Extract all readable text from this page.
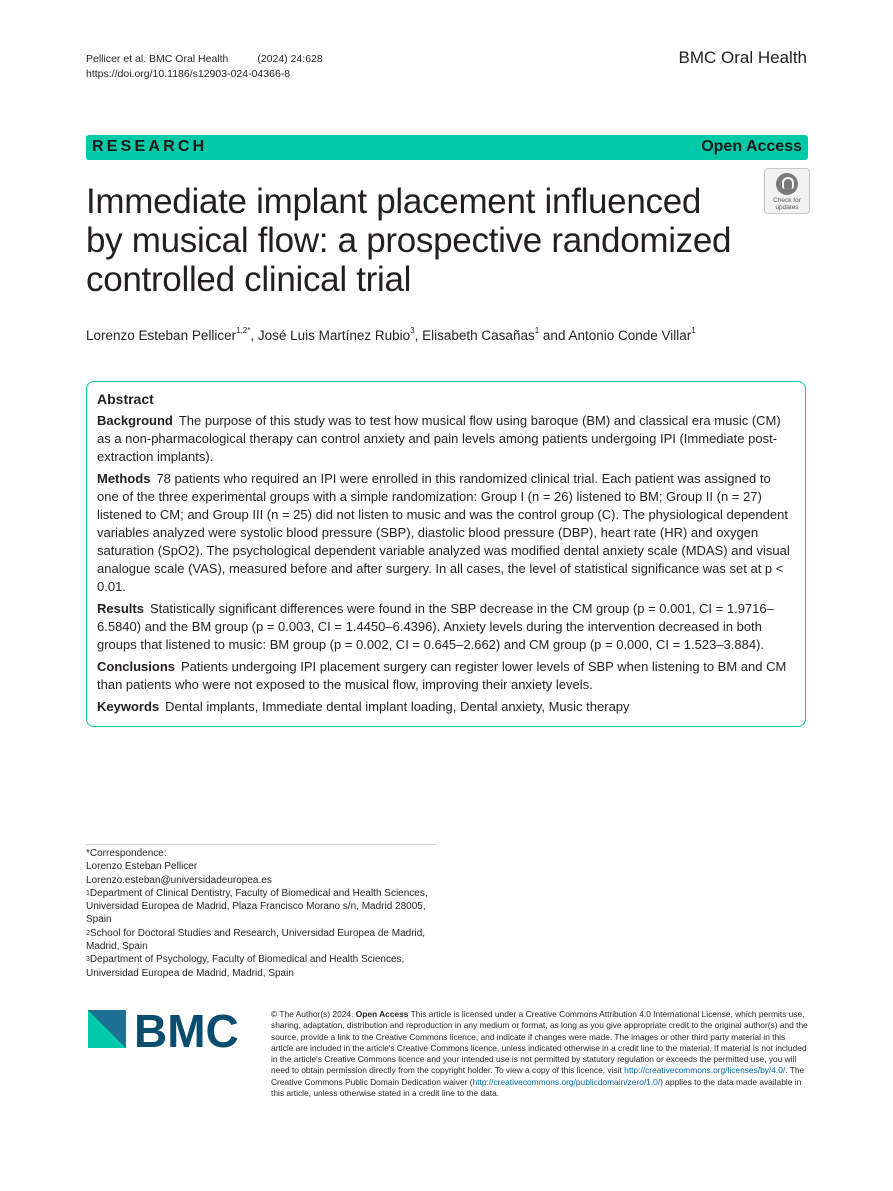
Pellicer et al. BMC Oral Health	(2024) 24:628
https://doi.org/10.1186/s12903-024-04366-8
BMC Oral Health
RESEARCH	Open Access
Check for
updates
Immediate implant placement influenced by musical flow: a prospective randomized controlled clinical trial
Lorenzo Esteban Pellicer$^{1,2*}$, José Luis Martínez Rubio$^3$, Elisabeth Casañas$^1$ and Antonio Conde Villar$^1$
Abstract

Background The purpose of this study was to test how musical flow using baroque (BM) and classical era music (CM) as a non-pharmacological therapy can control anxiety and pain levels among patients undergoing IPI (Immediate post-extraction implants).

Methods 78 patients who required an IPI were enrolled in this randomized clinical trial. Each patient was assigned to one of the three experimental groups with a simple randomization: Group I (n = 26) listened to BM; Group II (n = 27) listened to CM; and Group III (n = 25) did not listen to music and was the control group (C). The physiological dependent variables analyzed were systolic blood pressure (SBP), diastolic blood pressure (DBP), heart rate (HR) and oxygen saturation (SpO2). The psychological dependent variable analyzed was modified dental anxiety scale (MDAS) and visual analogue scale (VAS), measured before and after surgery. In all cases, the level of statistical significance was set at p < 0.01.

Results Statistically significant differences were found in the SBP decrease in the CM group (p = 0.001, CI = 1.9716–6.5840) and the BM group (p = 0.003, CI = 1.4450–6.4396). Anxiety levels during the intervention decreased in both groups that listened to music: BM group (p = 0.002, CI = 0.645–2.662) and CM group (p = 0.000, CI = 1.523–3.884).

Conclusions Patients undergoing IPI placement surgery can register lower levels of SBP when listening to BM and CM than patients who were not exposed to the musical flow, improving their anxiety levels.

Keywords Dental implants, Immediate dental implant loading, Dental anxiety, Music therapy

*Correspondence:
Lorenzo Esteban Pellicer
Lorenzo.esteban@universidadeuropea.es
$^1$Department of Clinical Dentistry, Faculty of Biomedical and Health Sciences, Universidad Europea de Madrid, Plaza Francisco Morano s/n, Madrid 28005, Spain
$^2$School for Doctoral Studies and Research, Universidad Europea de Madrid, Madrid, Spain
$^3$Department of Psychology, Faculty of Biomedical and Health Sciences, Universidad Europea de Madrid, Madrid, Spain
BMC	© The Author(s) 2024. Open Access This article is licensed under a Creative Commons Attribution 4.0 International License, which permits use, sharing, adaptation, distribution and reproduction in any medium or format, as long as you give appropriate credit to the original author(s) and the source, provide a link to the Creative Commons licence, and indicate if changes were made. The images or other third party material in this article are included in the article's Creative Commons licence, unless indicated otherwise in a credit line to the material. If material is not included in the article's Creative Commons licence and your intended use is not permitted by statutory regulation or exceeds the permitted use, you will need to obtain permission directly from the copyright holder. To view a copy of this licence, visit http://creativecommons.org/licenses/by/4.0/. The Creative Commons Public Domain Dedication waiver (http://creativecommons.org/publicdomain/zero/1.0/) applies to the data made available in this article, unless otherwise stated in a credit line to the data.
